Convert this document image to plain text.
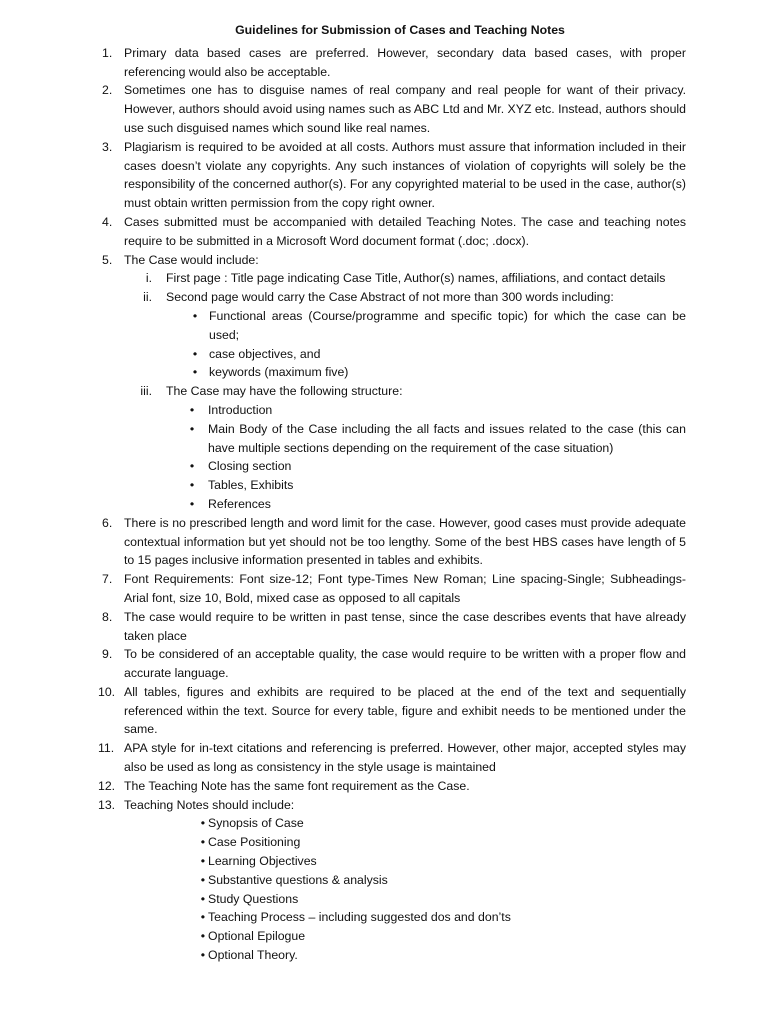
Guidelines for Submission of Cases and Teaching Notes
1. Primary data based cases are preferred. However, secondary data based cases, with proper referencing would also be acceptable.
2. Sometimes one has to disguise names of real company and real people for want of their privacy. However, authors should avoid using names such as ABC Ltd and Mr. XYZ etc. Instead, authors should use such disguised names which sound like real names.
3. Plagiarism is required to be avoided at all costs. Authors must assure that information included in their cases doesn’t violate any copyrights. Any such instances of violation of copyrights will solely be the responsibility of the concerned author(s). For any copyrighted material to be used in the case, author(s) must obtain written permission from the copy right owner.
4. Cases submitted must be accompanied with detailed Teaching Notes. The case and teaching notes require to be submitted in a Microsoft Word document format (.doc; .docx).
5. The Case would include:
i. First page : Title page indicating Case Title, Author(s) names, affiliations, and contact details
ii. Second page would carry the Case Abstract of not more than 300 words including:
• Functional areas (Course/programme and specific topic) for which the case can be used;
• case objectives, and
• keywords (maximum five)
iii. The Case may have the following structure:
•	Introduction
•	Main Body of the Case including the all facts and issues related to the case (this can have multiple sections depending on the requirement of the case situation)
•	Closing section
•	Tables, Exhibits
•	References
6. There is no prescribed length and word limit for the case. However, good cases must provide adequate contextual information but yet should not be too lengthy. Some of the best HBS cases have length of 5 to 15 pages inclusive information presented in tables and exhibits.
7. Font Requirements: Font size-12; Font type-Times New Roman; Line spacing-Single; Subheadings-Arial font, size 10, Bold, mixed case as opposed to all capitals
8. The case would require to be written in past tense, since the case describes events that have already taken place
9. To be considered of an acceptable quality, the case would require to be written with a proper flow and accurate language.
10. All tables, figures and exhibits are required to be placed at the end of the text and sequentially referenced within the text. Source for every table, figure and exhibit needs to be mentioned under the same.
11. APA style for in-text citations and referencing is preferred. However, other major, accepted styles may also be used as long as consistency in the style usage is maintained
12. The Teaching Note has the same font requirement as the Case.
13. Teaching Notes should include:
• Synopsis of Case
• Case Positioning
• Learning Objectives
• Substantive questions & analysis
• Study Questions
• Teaching Process – including suggested dos and don’ts
• Optional Epilogue
• Optional Theory.
